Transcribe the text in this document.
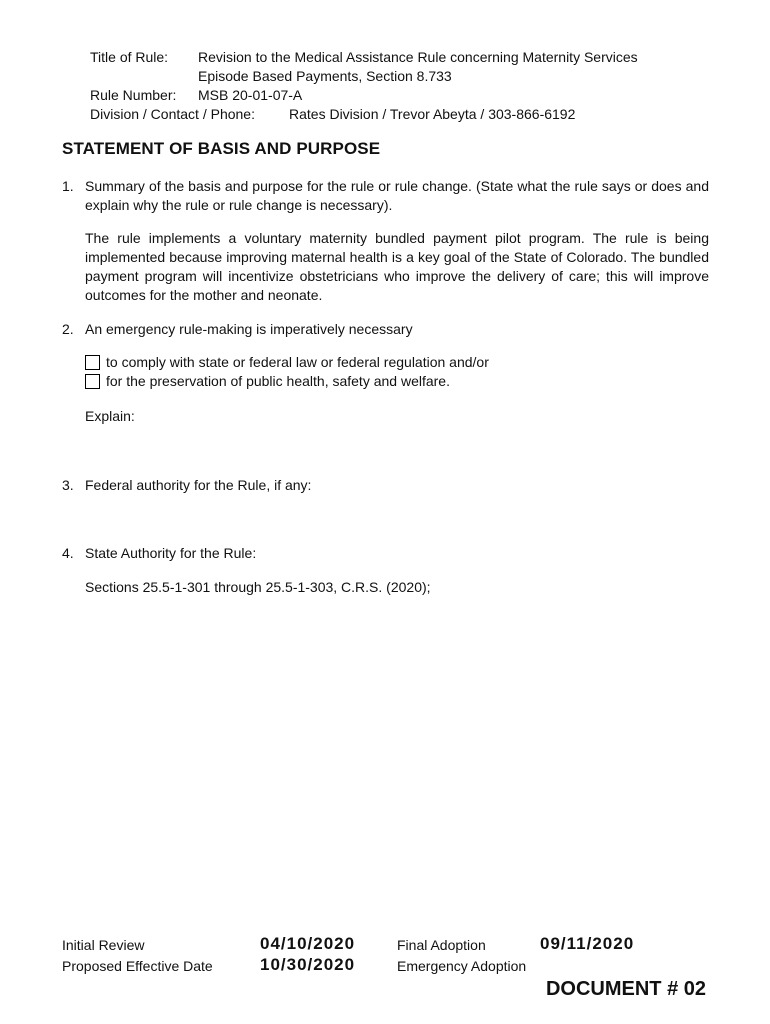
Title of Rule: Revision to the Medical Assistance Rule concerning Maternity Services
Episode Based Payments, Section 8.733
Rule Number: MSB 20-01-07-A
Division / Contact / Phone: Rates Division / Trevor Abeyta / 303-866-6192
STATEMENT OF BASIS AND PURPOSE
1. Summary of the basis and purpose for the rule or rule change. (State what the rule says or does and explain why the rule or rule change is necessary).
The rule implements a voluntary maternity bundled payment pilot program. The rule is being implemented because improving maternal health is a key goal of the State of Colorado. The bundled payment program will incentivize obstetricians who improve the delivery of care; this will improve outcomes for the mother and neonate.
2. An emergency rule-making is imperatively necessary
to comply with state or federal law or federal regulation and/or
for the preservation of public health, safety and welfare.
Explain:
3. Federal authority for the Rule, if any:
4. State Authority for the Rule:
Sections 25.5-1-301 through 25.5-1-303, C.R.S. (2020);
Initial Review	04/10/2020	Final Adoption	09/11/2020
Proposed Effective Date	10/30/2020	Emergency Adoption
DOCUMENT # 02
